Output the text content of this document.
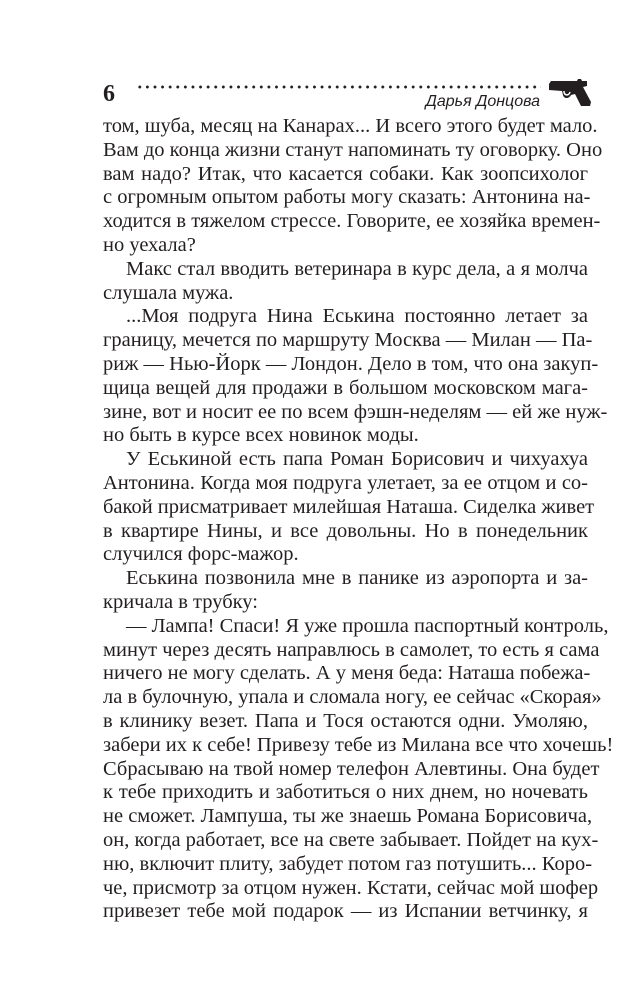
6	Дарья Донцова
том, шуба, месяц на Канарах... И всего этого будет мало.
Вам до конца жизни станут напоминать ту оговорку. Оно
вам надо? Итак, что касается собаки. Как зоопсихолог
с огромным опытом работы могу сказать: Антонина на-
ходится в тяжелом стрессе. Говорите, ее хозяйка времен-
но уехала?
Макс стал вводить ветеринара в курс дела, а я молча
слушала мужа.
...Моя подруга Нина Еськина постоянно летает за
границу, мечется по маршруту Москва — Милан — Па-
риж — Нью-Йорк — Лондон. Дело в том, что она закуп-
щица вещей для продажи в большом московском мага-
зине, вот и носит ее по всем фэшн-неделям — ей же нуж-
но быть в курсе всех новинок моды.
У Еськиной есть папа Роман Борисович и чихуахуа
Антонина. Когда моя подруга улетает, за ее отцом и со-
бакой присматривает милейшая Наташа. Сиделка живет
в квартире Нины, и все довольны. Но в понедельник
случился форс-мажор.
Еськина позвонила мне в панике из аэропорта и за-
кричала в трубку:
— Лампа! Спаси! Я уже прошла паспортный контроль,
минут через десять направлюсь в самолет, то есть я сама
ничего не могу сделать. А у меня беда: Наташа побежа-
ла в булочную, упала и сломала ногу, ее сейчас «Скорая»
в клинику везет. Папа и Тося остаются одни. Умоляю,
забери их к себе! Привезу тебе из Милана все что хочешь!
Сбрасываю на твой номер телефон Алевтины. Она будет
к тебе приходить и заботиться о них днем, но ночевать
не сможет. Лампуша, ты же знаешь Романа Борисовича,
он, когда работает, все на свете забывает. Пойдет на кух-
ню, включит плиту, забудет потом газ потушить... Коро-
че, присмотр за отцом нужен. Кстати, сейчас мой шофер
привезет тебе мой подарок — из Испании ветчинку, я
